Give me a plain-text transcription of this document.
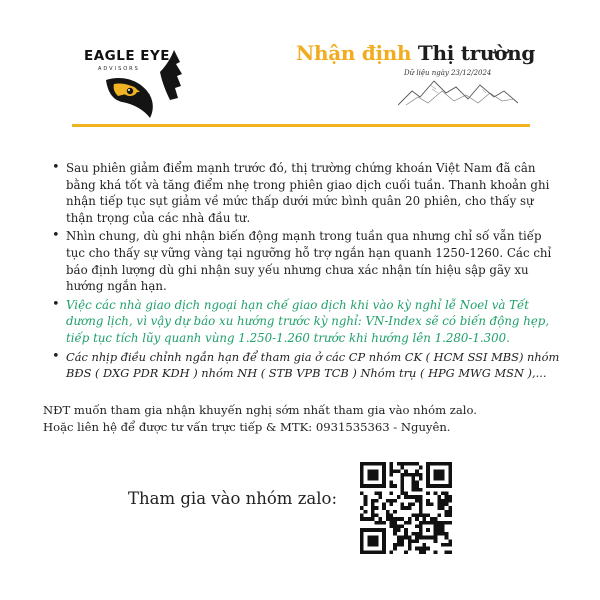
EAGLE EYE
ADVISORS
Nhận định Thị trường
Dữ liệu ngày 23/12/2024
• Sau phiên giảm điểm mạnh trước đó, thị trường chứng khoán Việt Nam đã cân bằng khá tốt và tăng điểm nhẹ trong phiên giao dịch cuối tuần. Thanh khoản ghi nhận tiếp tục sụt giảm về mức thấp dưới mức bình quân 20 phiên, cho thấy sự thận trọng của các nhà đầu tư.
• Nhìn chung, dù ghi nhận biến động mạnh trong tuần qua nhưng chỉ số vẫn tiếp tục cho thấy sự vững vàng tại ngưỡng hỗ trợ ngắn hạn quanh 1250-1260. Các chỉ báo định lượng dù ghi nhận suy yếu nhưng chưa xác nhận tín hiệu sập gãy xu hướng ngắn hạn.
• Việc các nhà giao dịch ngoại hạn chế giao dịch khi vào kỳ nghỉ lễ Noel và Tết dương lịch, vì vậy dự báo xu hướng trước kỳ nghỉ: VN-Index sẽ có biến động hẹp, tiếp tục tích lũy quanh vùng 1.250-1.260 trước khi hướng lên 1.280-1.300.
• Các nhịp điều chỉnh ngắn hạn để tham gia ở các CP nhóm CK ( HCM SSI MBS) nhóm BĐS ( DXG PDR KDH ) nhóm NH ( STB VPB TCB ) Nhóm trụ ( HPG MWG MSN ),...
NĐT muốn tham gia nhận khuyến nghị sớm nhất tham gia vào nhóm zalo.
Hoặc liên hệ để được tư vấn trực tiếp & MTK: 0931535363 - Nguyên.
Tham gia vào nhóm zalo:
